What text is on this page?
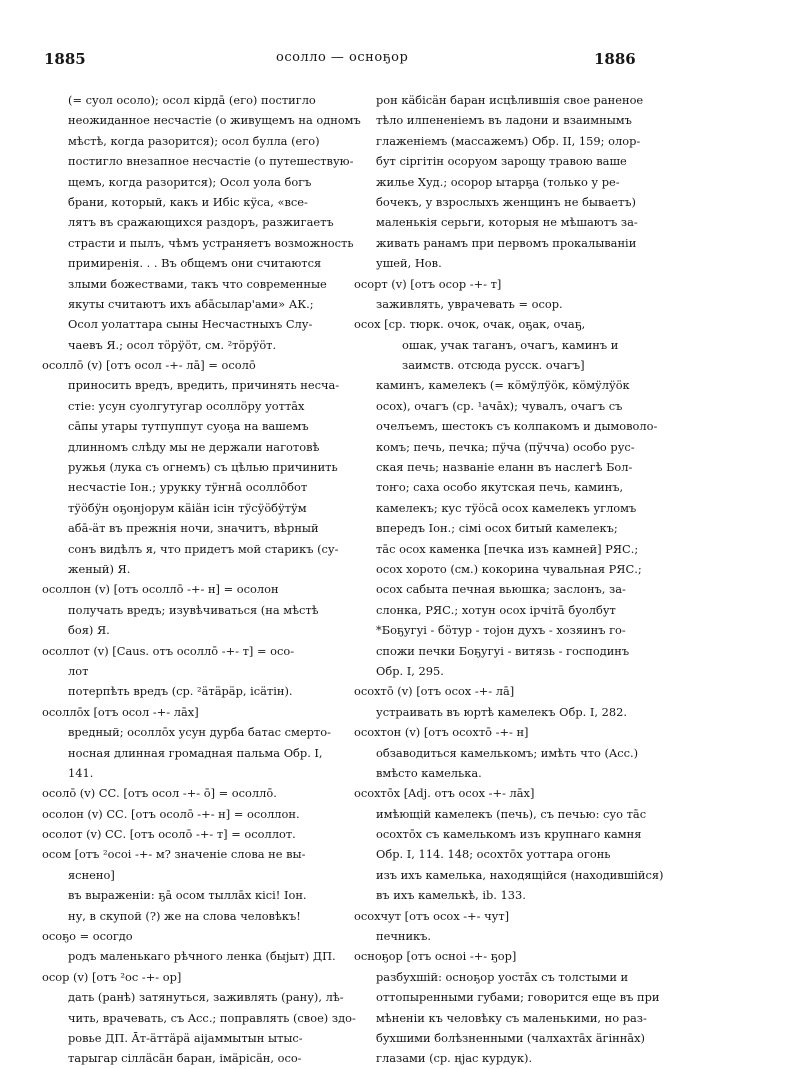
1885	осолло — осноҕор	1886
(= суол осоло); осол кірдā (его) постигло
неожиданное несчастіе (о живущемъ на одномъ
мѣстѣ, когда разорится); осол булла (его)
постигло внезапное несчастіе (о путешествую-
щемъ, когда разорится); Осол уола богъ
брани, который, какъ и Ибіс кӱса, «всe-
лятъ въ сражающихся раздоръ, разжигаетъ
страсти и пылъ, чѣмъ устраняетъ возможность
примиренія. . . Въ общемъ они считаются
злыми божествами, такъ что современные
якуты считаютъ ихъ абāсылар'ами» АК.;
Осол уолаттара сыны Несчастныхъ Слу-
чаевъ Я.; осол тӧрӱӧт, см. ²тӧрӱӧт.
осоллō (v) [отъ осол -+- лā] = осолō
приносить вредъ, вредить, причинять несча-
стіе: усун суолгутугар осоллӧру уоттāх
сāпы утары тутпуппут суоҕа на вашемъ
длинномъ слѣду мы не держали наготовѣ
ружья (лука съ огнемъ) съ цѣлью причинить
несчастіе Іон.; урукку тӱҥнā осоллōбот
тӱӧбӱн оҕонјорум кӓіӓн ісін тӱсӱӧбӱтӱм
абā-ӓт въ прежнія ночи, значитъ, вѣрный
сонъ видѣлъ я, что придетъ мой старикъ (су-
женый) Я.
осоллон (v) [отъ осоллō -+- н] = осолон
получать вредъ; изувѣчиваться (на мѣстѣ
боя) Я.
осоллот (v) [Caus. отъ осоллō -+- т] = осо-
лот
потерпѣть вредъ (ср. ²ӓтӓрӓр, ісӓтін).
осоллōх [отъ осол -+- лāх]
вредный; осоллōх усун дурба батас смерто-
носная длинная громадная пальма Обр. I,
141.
осолō (v) СС. [отъ осол -+- ō] = осоллō.
осолон (v) СС. [отъ осолō -+- н] = осоллон.
осолот (v) СС. [отъ осолō -+- т] = осоллот.
осом [отъ ²осоі -+- м? значеніе слова не вы-
яснено]
въ выраженіи: ҕā осом тыллāх кісі! Іон.
ну, в скупой (?) же на слова человѣкъ!
осоҕо = осогдо
родъ маленькаго рѣчного ленка (быјыт) ДП.
осор (v) [отъ ²ос -+- ор]
дать (ранѣ) затянуться, заживлять (рану), лѣ-
чить, врачевать, съ Acc.; поправлять (свое) здо-
ровье ДП. Āт-ӓттӓрӓ аіјаммытын ытыс-
тарыгар сіллӓсӓн баран, імӓрісӓн, осо-
рон кӓбісӓн баран исцѣлившія свое раненое
тѣло илпененіемъ въ ладони и взаимнымъ
глаженіемъ (массажемъ) Обр. II, 159; олор-
бут сіргітін осоруом зарощу травою ваше
жилье Худ.; осорор ытарҕа (только у рe-
бочекъ, у взрослыхъ женщинъ не бываетъ)
маленькія серьги, которыя не мѣшаютъ за-
живать ранамъ при первомъ прокалываніи
ушей, Нов.
осорт (v) [отъ осор -+- т]
заживлять, уврачевать = осор.
осох [ср. тюрк. очок, очак, оҕак, очаҕ,
ошак, учак таганъ, очагъ, каминъ и
заимств. отсюда русск. очагъ]
каминъ, камелекъ (= кӧмӱлӱӧк, кӧмӱлӱӧк
осох), очагъ (ср. ¹ачāх); чувалъ, очагъ съ
очелъемъ, шестокъ съ колпакомъ и дымоволо-
комъ; печь, печка; пӱча (пӱчча) особо рус-
ская печь; названіе еланн въ наслегѣ Бол-
тоҥо; саха особо якутская печь, каминъ,
камелекъ; кус тӱӧсā осох камелекъ угломъ
впередъ Іон.; сімі осох битый камелекъ;
тāс осох каменка [печка изъ камней] РЯС.;
осох хорото (см.) кокорина чувальная РЯС.;
осох сабыта печная вьюшка; заслонъ, за-
слонка, РЯС.; хотун осох ірчітā буолбут
*Боҕугуі - бӧтур - тојон духъ - хозяинъ го-
спожи печки Боҕугуі - витязь - господинъ
Обр. I, 295.
осохтō (v) [отъ осох -+- лā]
устраивать въ юртѣ камелекъ Обр. I, 282.
осохтон (v) [отъ осохтō -+- н]
обзаводиться камелькомъ; имѣть что (Acc.)
вмѣсто камелька.
осохтōх [Adj. отъ осох -+- лāх]
имѣющій камелекъ (печь), съ печью: суо тāс
осохтōх съ камелькомъ изъ крупнаго камня
Обр. I, 114. 148; осохтōх уоттара огонь
изъ ихъ камелька, находящійся (находившійся)
въ ихъ камелькѣ, ib. 133.
осохчут [отъ осох -+- чут]
печникъ.
осноҕор [отъ осноі -+- ҕор]
разбухшій: осноҕор уостāх съ толстыми и
оттопыренными губами; говорится еще въ при
мѣненіи къ человѣку съ маленькими, но раз-
бухшими болѣзненными (чалхахтāх ӓгіннāх)
глазами (ср. ңјас курдук).
